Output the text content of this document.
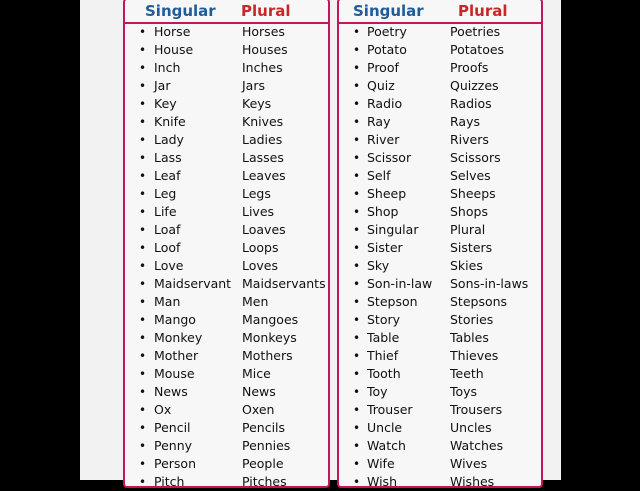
Singular Plural
• Horse	Horses
• House	Houses
• Inch	Inches
• Jar	Jars
• Key	Keys
• Knife	Knives
• Lady	Ladies
• Lass	Lasses
• Leaf	Leaves
• Leg	Legs
• Life	Lives
• Loaf	Loaves
• Loof	Loops
• Love	Loves
• Maidservant Maidservants
• Man	Men
• Mango	Mangoes
• Monkey	Monkeys
• Mother	Mothers
• Mouse	Mice
• News	News
• Ox	Oxen
• Pencil	Pencils
• Penny	Pennies
• Person	People
• Pitch	Pitches
Singular Plural
• Poetry	Poetries
• Potato	Potatoes
• Proof	Proofs
• Quiz	Quizzes
• Radio	Radios
• Ray	Rays
• River	Rivers
• Scissor	Scissors
• Self	Selves
• Sheep	Sheeps
• Shop	Shops
• Singular	Plural
• Sister	Sisters
• Sky	Skies
• Son-in-law Sons-in-laws
• Stepson	Stepsons
• Story	Stories
• Table	Tables
• Thief	Thieves
• Tooth	Teeth
• Toy	Toys
• Trouser	Trousers
• Uncle	Uncles
• Watch	Watches
• Wife	Wives
• Wish	Wishes
